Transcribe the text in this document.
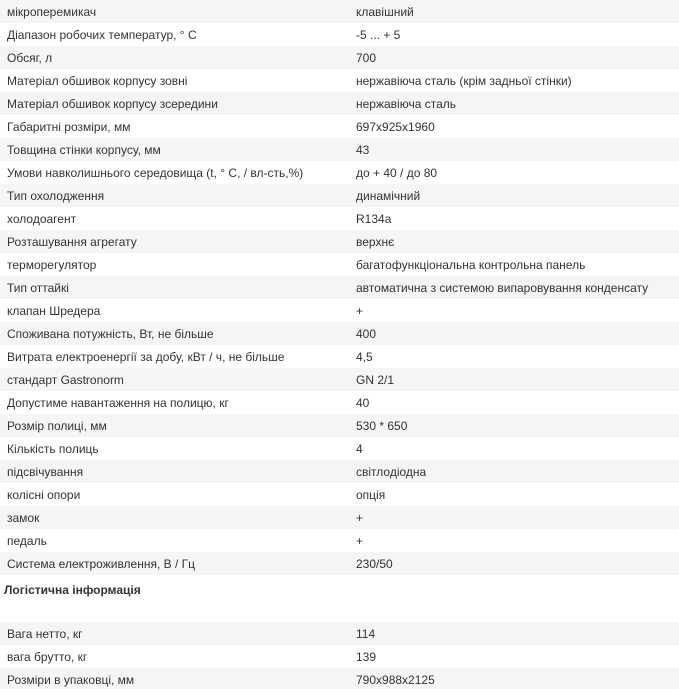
мікроперемикач	клавішний
Діапазон робочих температур, ° С	-5 ... + 5
Обсяг, л	700
Матеріал обшивок корпусу зовні	нержавіюча сталь (крім задньої стінки)
Матеріал обшивок корпусу зсередини	нержавіюча сталь
Габаритні розміри, мм	697x925x1960
Товщина стінки корпусу, мм	43
Умови навколишнього середовища (t, ° С, / вл-сть,%)	до + 40 / до 80
Тип охолодження	динамічний
холодоагент	R134a
Розташування агрегату	верхнє
терморегулятор	багатофункціональна контрольна панель
Тип оттайкі	автоматична з системою випаровування конденсату
клапан Шредера	+
Споживана потужність, Вт, не більше	400
Витрата електроенергії за добу, кВт / ч, не більше	4,5
стандарт Gastronorm	GN 2/1
Допустиме навантаження на полицю, кг	40
Розмір полиці, мм	530 * 650
Кількість полиць	4
підсвічування	світлодіодна
колісні опори	опція
замок	+
педаль	+
Система електроживлення, В / Гц	230/50
Логістична інформація
Вага нетто, кг	114
вага брутто, кг	139
Розміри в упаковці, мм	790x988x2125
